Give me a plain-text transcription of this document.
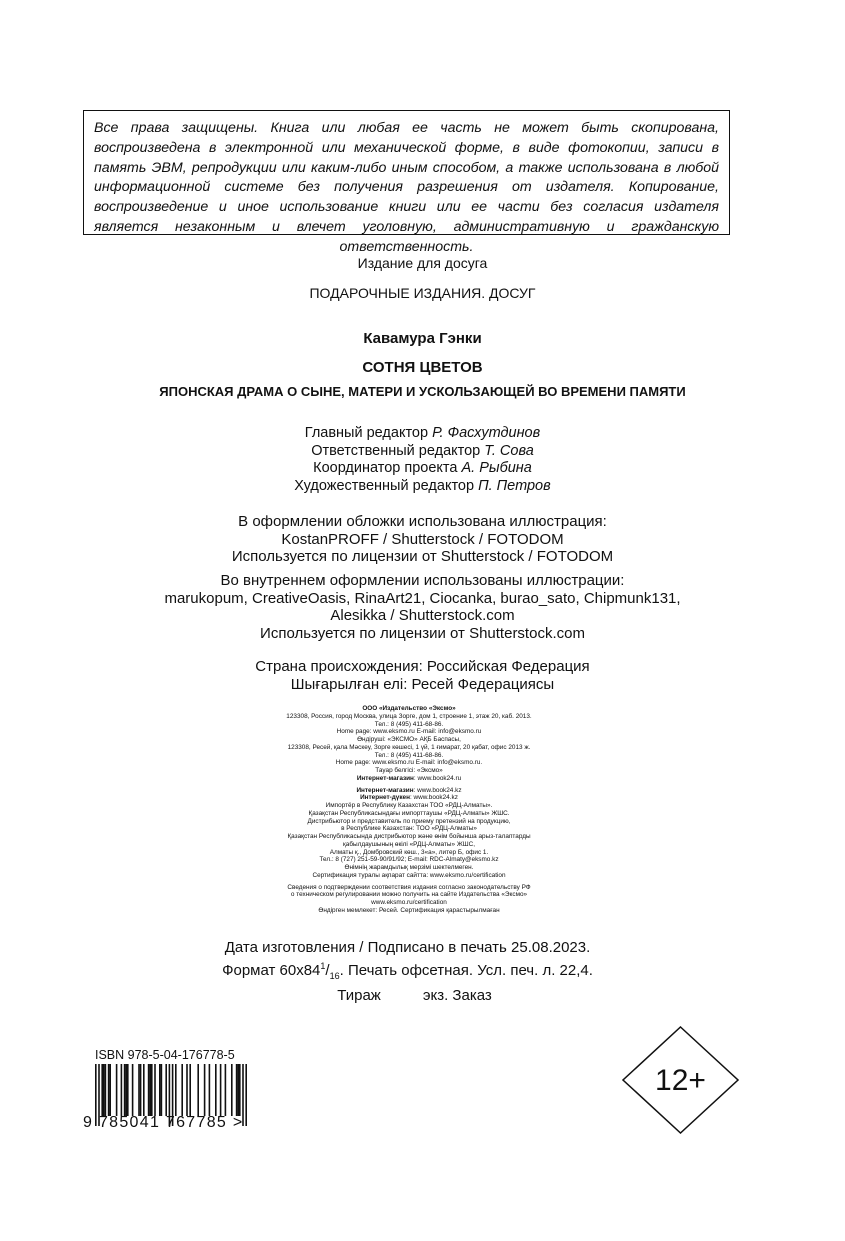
Все права защищены. Книга или любая ее часть не может быть скопирована, воспроизведена в электронной или механической форме, в виде фотокопии, записи в память ЭВМ, репродукции или каким-либо иным способом, а также использована в любой информационной системе без получения разрешения от издателя. Копирование, воспроизведение и иное использование книги или ее части без согласия издателя является незаконным и влечет уголовную, административную и гражданскую ответственность.
Издание для досуга
ПОДАРОЧНЫЕ ИЗДАНИЯ. ДОСУГ
Кавамура Гэнки
СОТНЯ ЦВЕТОВ
ЯПОНСКАЯ ДРАМА О СЫНЕ, МАТЕРИ И УСКОЛЬЗАЮЩЕЙ ВО ВРЕМЕНИ ПАМЯТИ
Главный редактор Р. Фасхутдинов
Ответственный редактор Т. Сова
Координатор проекта А. Рыбина
Художественный редактор П. Петров
В оформлении обложки использована иллюстрация:
KostanPROFF / Shutterstock / FOTODOM
Используется по лицензии от Shutterstock / FOTODOM
Во внутреннем оформлении использованы иллюстрации:
marukopum, CreativeOasis, RinaArt21, Ciocanka, burao_sato, Chipmunk131,
Alesikka / Shutterstock.com
Используется по лицензии от Shutterstock.com
Страна происхождения: Российская Федерация
Шығарылған елі: Ресей Федерациясы

ООО «Издательство «Эксмо»

123308, Россия, город Москва, улица Зорге, дом 1, строение 1, этаж 20, каб. 2013.

Тел.: 8 (495) 411-68-86.

Home page: www.eksmo.ru E-mail: info@eksmo.ru

Өндіруші: «ЭКСМО» АҚБ Баспасы,

123308, Ресей, қала Мәскеу, Зорге көшесі, 1 үй, 1 ғимарат, 20 қабат, офис 2013 ж.

Тел.: 8 (495) 411-68-86.

Home page: www.eksmo.ru E-mail: info@eksmo.ru.

Тауар белгісі: «Эксмо»

Интернет-магазин: www.book24.ru

Интернет-магазин: www.book24.kz

Интернет-дүкен: www.book24.kz

Импортёр в Республику Казахстан ТОО «РДЦ-Алматы».

Қазақстан Республикасындағы импорттаушы «РДЦ-Алматы» ЖШС.

Дистрибьютор и представитель по приему претензий на продукцию,

в Республике Казахстан: ТОО «РДЦ-Алматы»

Қазақстан Республикасында дистрибьютор және өнім бойынша арыз-талаптарды

қабылдаушының өкілі «РДЦ-Алматы» ЖШС,

Алматы қ., Домбровский көш., 3«а», литер Б, офис 1.

Тел.: 8 (727) 251-59-90/91/92; E-mail: RDC-Almaty@eksmo.kz

Өнімнің жарамдылық мерзімі шектелмеген.

Сертификация туралы ақпарат сайтта: www.eksmo.ru/certification

Сведения о подтверждении соответствия издания согласно законодательству РФ

о техническом регулировании можно получить на сайте Издательства «Эксмо»

www.eksmo.ru/certification

Өндірген мемлекет: Ресей. Сертификация қарастырылмаған

Дата изготовления / Подписано в печать 25.08.2023.
Формат $60x84^1/_{16}$. Печать офсетная. Усл. печ. л. 22,4.
Тираж	экз. Заказ
ISBN 978-5-04-176778-5
9 785041 767785 >
12+
